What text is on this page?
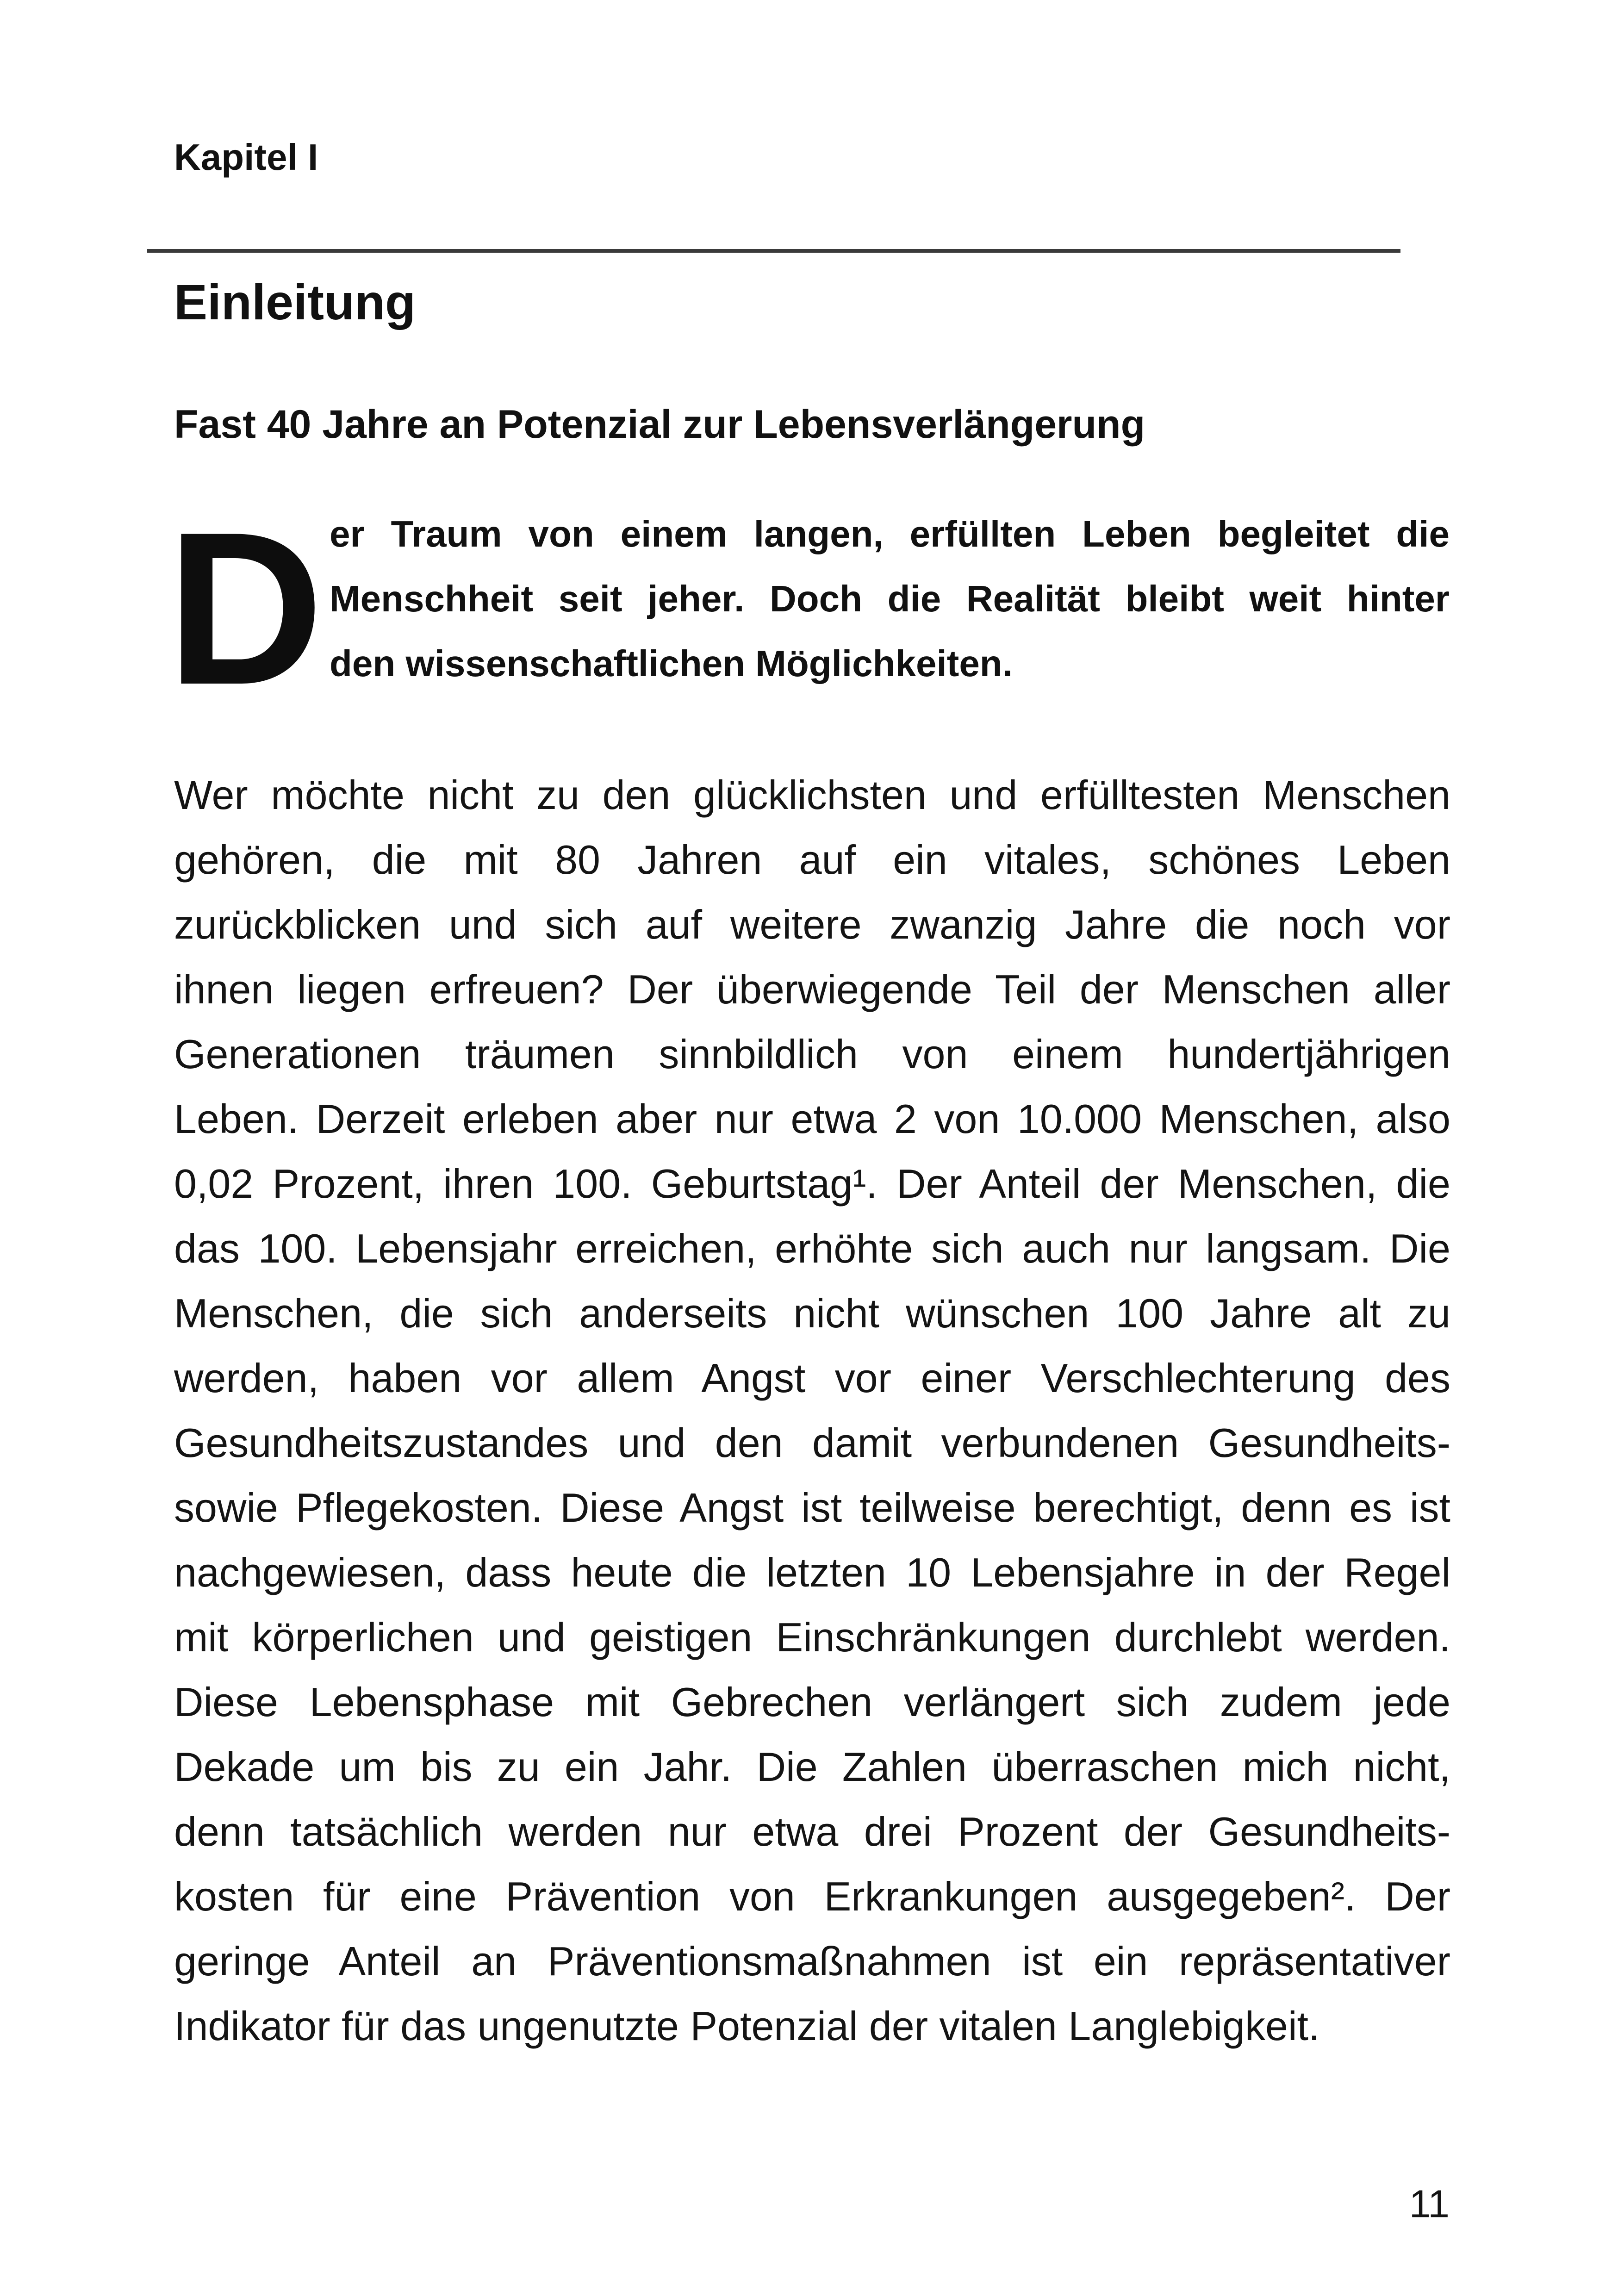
Kapitel I
Einleitung
Fast 40 Jahre an Potenzial zur Lebensverlängerung
D er Traum von einem langen, erfüllten Leben begleitet die
Menschheit seit jeher. Doch die Realität bleibt weit hinter
den wissenschaftlichen Möglichkeiten.
Wer möchte nicht zu den glücklichsten und erfülltesten Menschen
gehören, die mit 80 Jahren auf ein vitales, schönes Leben
zurückblicken und sich auf weitere zwanzig Jahre die noch vor
ihnen liegen erfreuen? Der überwiegende Teil der Menschen aller
Generationen träumen sinnbildlich von einem hundertjährigen
Leben. Derzeit erleben aber nur etwa 2 von 10.000 Menschen, also
0,02 Prozent, ihren 100. Geburtstag¹. Der Anteil der Menschen, die
das 100. Lebensjahr erreichen, erhöhte sich auch nur langsam. Die
Menschen, die sich anderseits nicht wünschen 100 Jahre alt zu
werden, haben vor allem Angst vor einer Verschlechterung des
Gesundheitszustandes und den damit verbundenen Gesundheits-
sowie Pflegekosten. Diese Angst ist teilweise berechtigt, denn es ist
nachgewiesen, dass heute die letzten 10 Lebensjahre in der Regel
mit körperlichen und geistigen Einschränkungen durchlebt werden.
Diese Lebensphase mit Gebrechen verlängert sich zudem jede
Dekade um bis zu ein Jahr. Die Zahlen überraschen mich nicht,
denn tatsächlich werden nur etwa drei Prozent der Gesundheits-
kosten für eine Prävention von Erkrankungen ausgegeben². Der
geringe Anteil an Präventionsmaßnahmen ist ein repräsentativer
Indikator für das ungenutzte Potenzial der vitalen Langlebigkeit.
11
